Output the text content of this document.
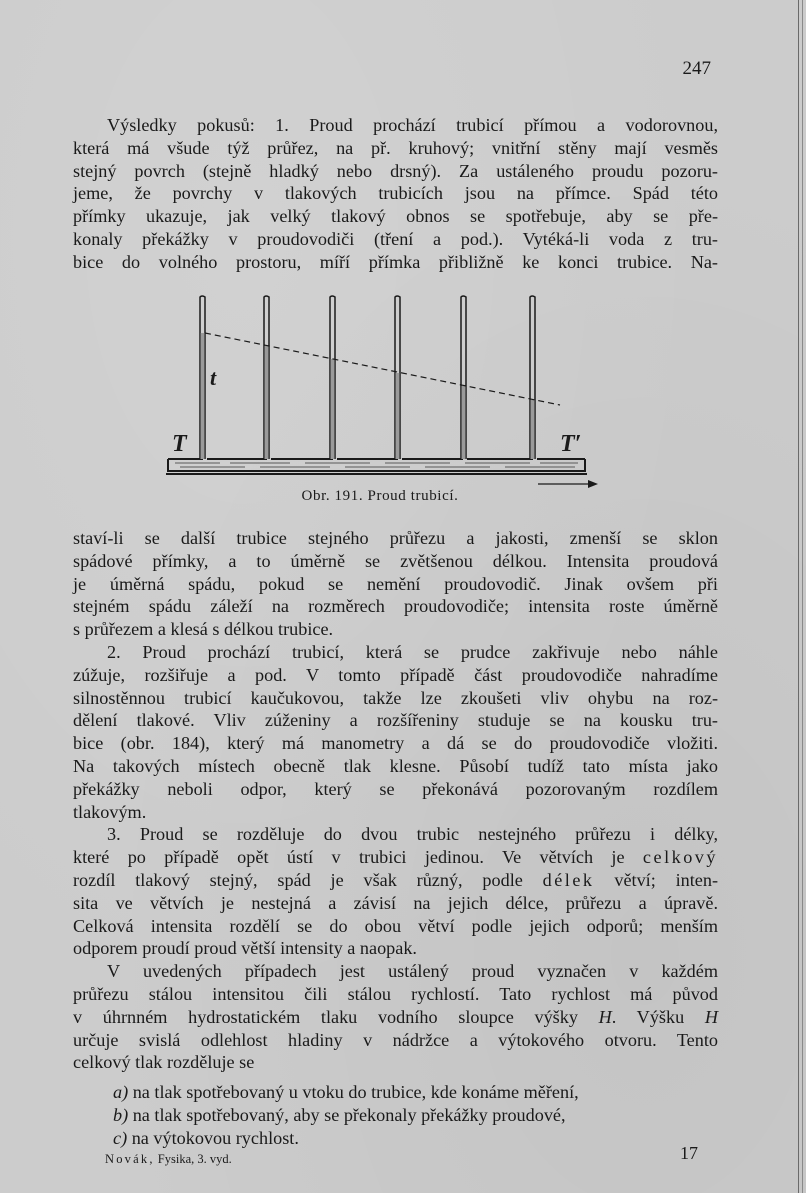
247
Výsledky pokusů: 1. Proud prochází trubicí přímou a vodorovnou,
která má všude týž průřez, na př. kruhový; vnitřní stěny mají vesměs
stejný povrch (stejně hladký nebo drsný). Za ustáleného proudu pozoru-
jeme, že povrchy v tlakových trubicích jsou na přímce. Spád této
přímky ukazuje, jak velký tlakový obnos se spotřebuje, aby se pře-
konaly překážky v proudovodiči (tření a pod.). Vytéká-li voda z tru-
bice do volného prostoru, míří přímka přibližně ke konci trubice. Na-
T	T′
t
Obr. 191. Proud trubicí.
staví-li se další trubice stejného průřezu a jakosti, zmenší se sklon
spádové přímky, a to úměrně se zvětšenou délkou. Intensita proudová
je úměrná spádu, pokud se nemění proudovodič. Jinak ovšem při
stejném spádu záleží na rozměrech proudovodiče; intensita roste úměrně
s průřezem a klesá s délkou trubice.
2. Proud prochází trubicí, která se prudce zakřivuje nebo náhle
zúžuje, rozšiřuje a pod. V tomto případě část proudovodiče nahradíme
silnostěnnou trubicí kaučukovou, takže lze zkoušeti vliv ohybu na roz-
dělení tlakové. Vliv zúženiny a rozšířeniny studuje se na kousku tru-
bice (obr. 184), který má manometry a dá se do proudovodiče vložiti.
Na takových místech obecně tlak klesne. Působí tudíž tato místa jako
překážky neboli odpor, který se překonává pozorovaným rozdílem
tlakovým.
3. Proud se rozděluje do dvou trubic nestejného průřezu i délky,
které po případě opět ústí v trubici jedinou. Ve větvích je celkový
rozdíl tlakový stejný, spád je však různý, podle délek větví; inten-
sita ve větvích je nestejná a závisí na jejich délce, průřezu a úpravě.
Celková intensita rozdělí se do obou větví podle jejich odporů; menším
odporem proudí proud větší intensity a naopak.
V uvedených případech jest ustálený proud vyznačen v každém
průřezu stálou intensitou čili stálou rychlostí. Tato rychlost má původ
v úhrnném hydrostatickém tlaku vodního sloupce výšky H. Výšku H
určuje svislá odlehlost hladiny v nádržce a výtokového otvoru. Tento
celkový tlak rozděluje se
a) na tlak spotřebovaný u vtoku do trubice, kde konáme měření,
b) na tlak spotřebovaný, aby se překonaly překážky proudové,
c) na výtokovou rychlost.
Novák, Fysika, 3. vyd.	17
